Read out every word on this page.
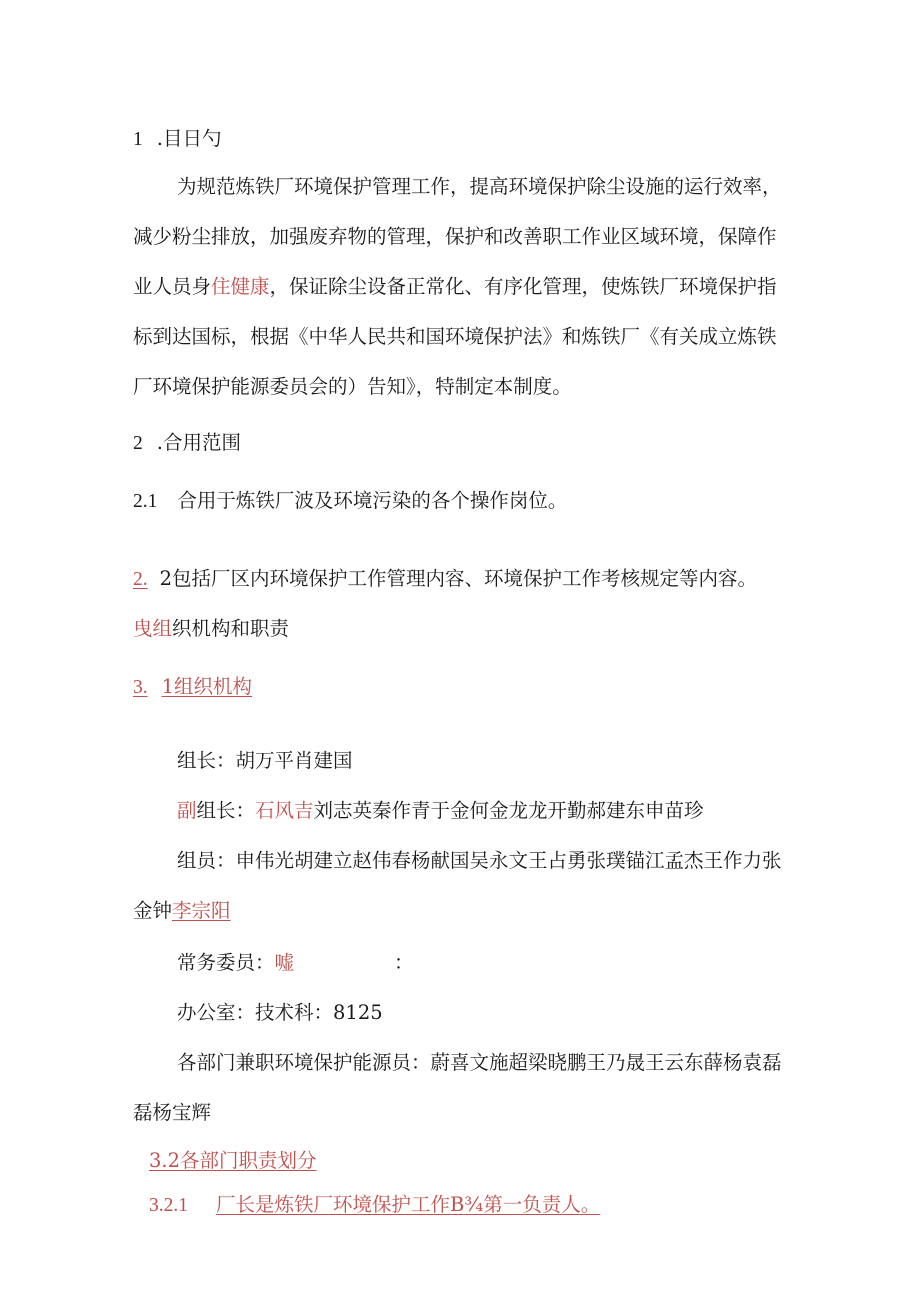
1 .目日勺
为规范炼铁厂环境保护管理工作，提高环境保护除尘设施的运行效率，
减少粉尘排放，加强废弃物的管理，保护和改善职工作业区域环境，保障作
业人员身住健康，保证除尘设备正常化、有序化管理，使炼铁厂环境保护指
标到达国标，根据《中华人民共和国环境保护法》和炼铁厂《有关成立炼铁
厂环境保护能源委员会的）告知》，特制定本制度。
2 .合用范围
2.1 合用于炼铁厂波及环境污染的各个操作岗位。
2. 2包括厂区内环境保护工作管理内容、环境保护工作考核规定等内容。
曳组织机构和职责
3. 1组织机构
组长：胡万平肖建国
副组长：石风吉刘志英秦作青于金何金龙龙开勤郝建东申苗珍
组员：申伟光胡建立赵伟春杨献国吴永文王占勇张璞锚江孟杰王作力张
金钟李宗阳
常务委员：嘘	：
办公室：技术科：8125
各部门兼职环境保护能源员：蔚喜文施超梁晓鹏王乃晟王云东薛杨袁磊
磊杨宝辉
3.2各部门职责划分
3.2.1 厂长是炼铁厂环境保护工作B¾第一负责人。
